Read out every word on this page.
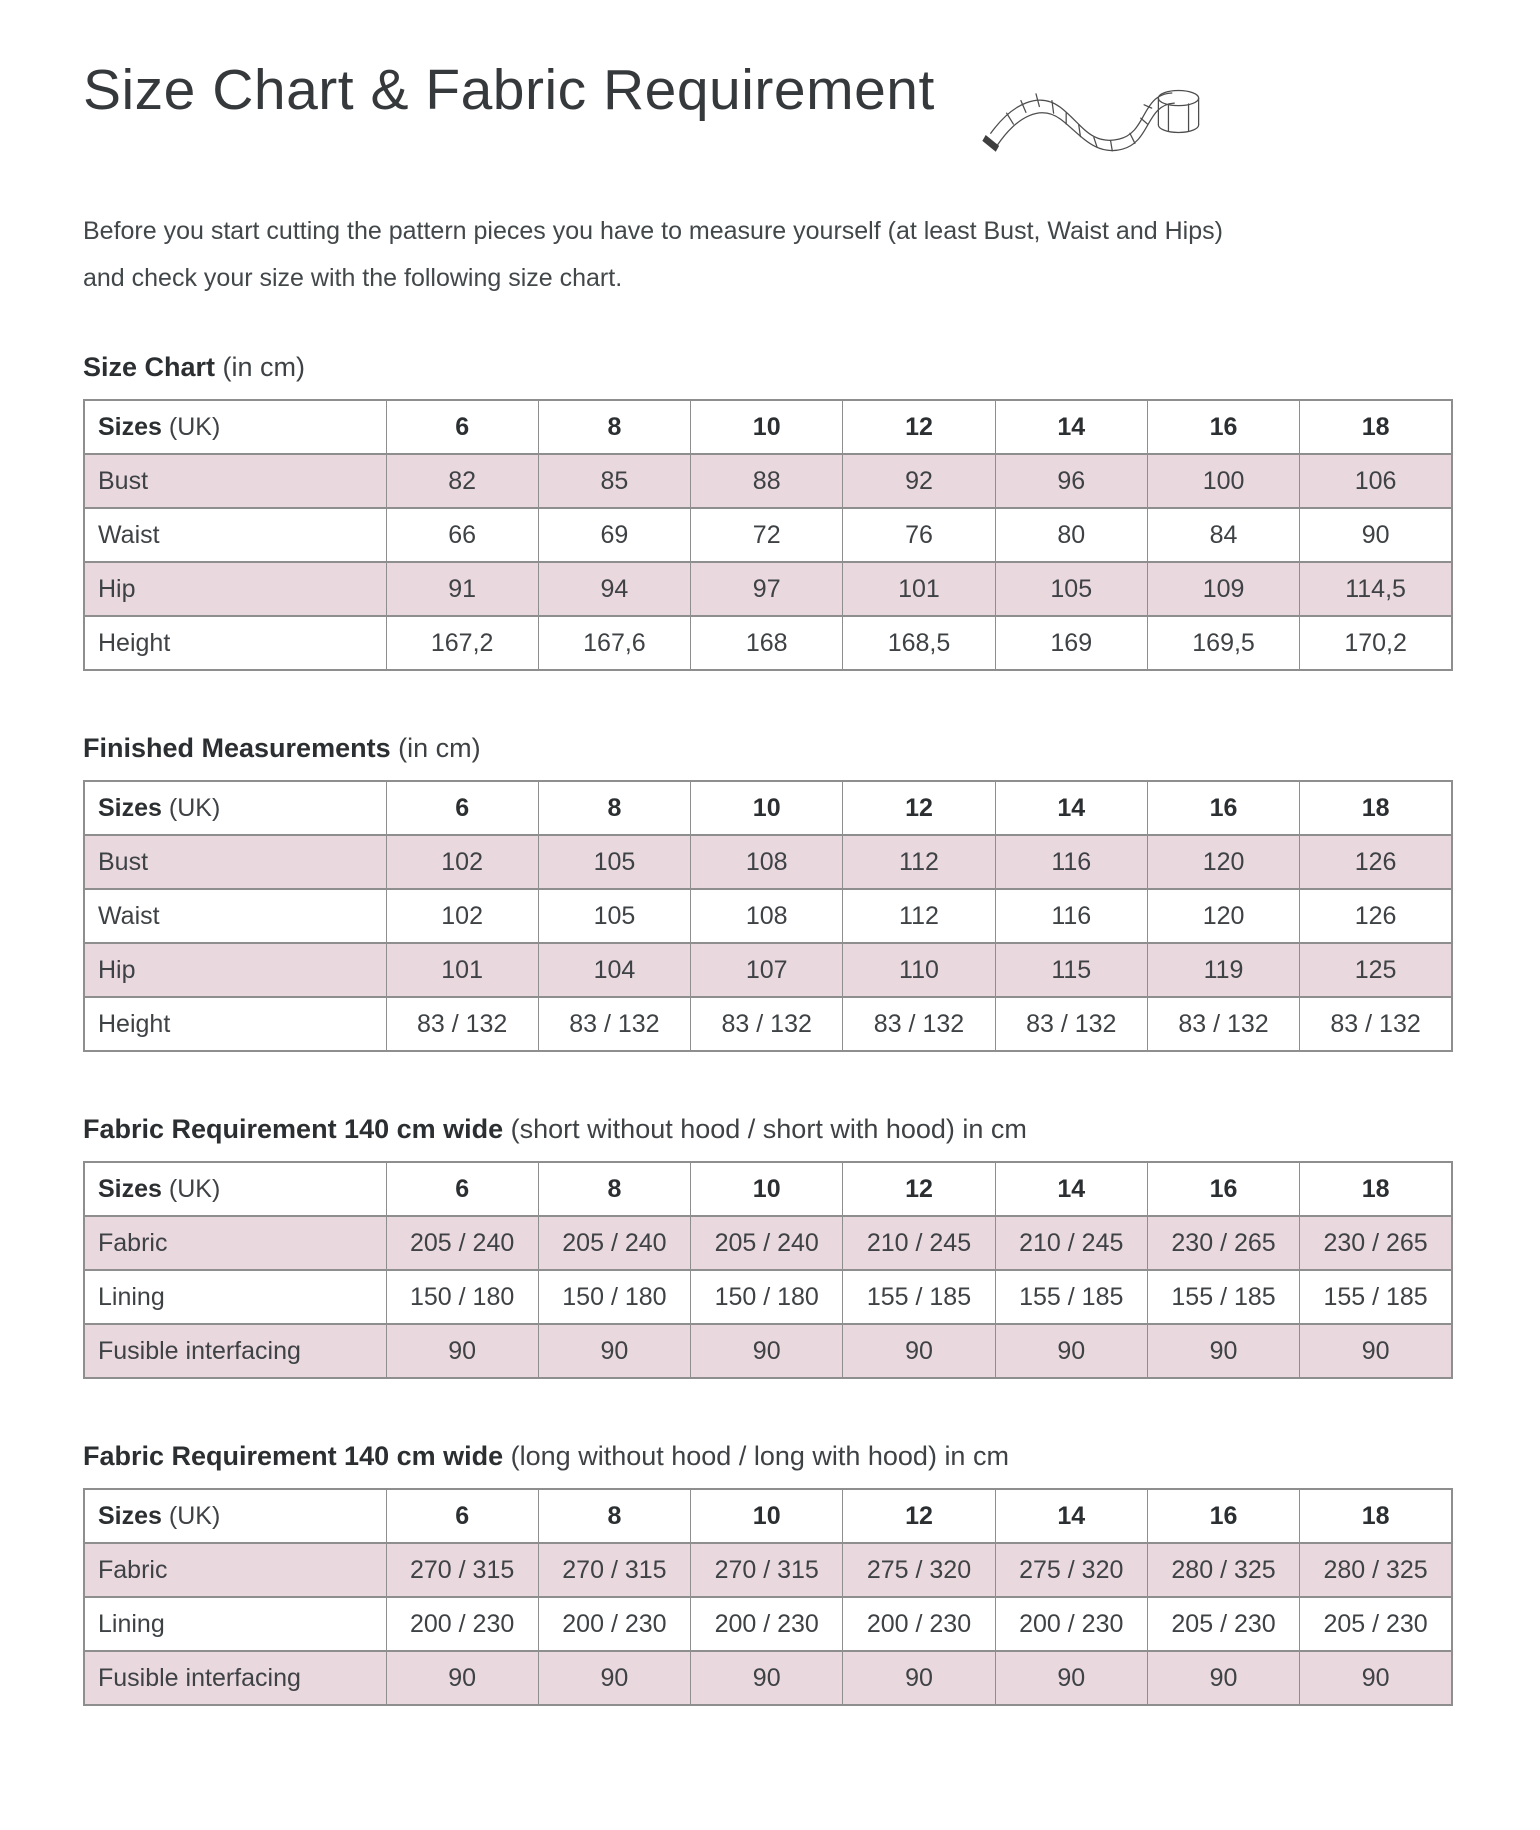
Size Chart & Fabric Requirement

Before you start cutting the pattern pieces you have to measure yourself (at least Bust, Waist and Hips)
and check your size with the following size chart.

Size Chart (in cm)
Sizes (UK)	6	8	10	12	14	16	18
Bust	82	85	88	92	96	100	106
Waist	66	69	72	76	80	84	90
Hip	91	94	97	101	105	109	114,5
Height	167,2	167,6	168	168,5	169	169,5	170,2
Finished Measurements (in cm)
Sizes (UK)	6	8	10	12	14	16	18
Bust	102	105	108	112	116	120	126
Waist	102	105	108	112	116	120	126
Hip	101	104	107	110	115	119	125
Height	83 / 132	83 / 132	83 / 132	83 / 132	83 / 132	83 / 132	83 / 132
Fabric Requirement 140 cm wide (short without hood / short with hood) in cm
Sizes (UK)	6	8	10	12	14	16	18
Fabric	205 / 240	205 / 240	205 / 240	210 / 245	210 / 245	230 / 265	230 / 265
Lining	150 / 180	150 / 180	150 / 180	155 / 185	155 / 185	155 / 185	155 / 185
Fusible interfacing	90	90	90	90	90	90	90
Fabric Requirement 140 cm wide (long without hood / long with hood) in cm
Sizes (UK)	6	8	10	12	14	16	18
Fabric	270 / 315	270 / 315	270 / 315	275 / 320	275 / 320	280 / 325	280 / 325
Lining	200 / 230	200 / 230	200 / 230	200 / 230	200 / 230	205 / 230	205 / 230
Fusible interfacing	90	90	90	90	90	90	90
